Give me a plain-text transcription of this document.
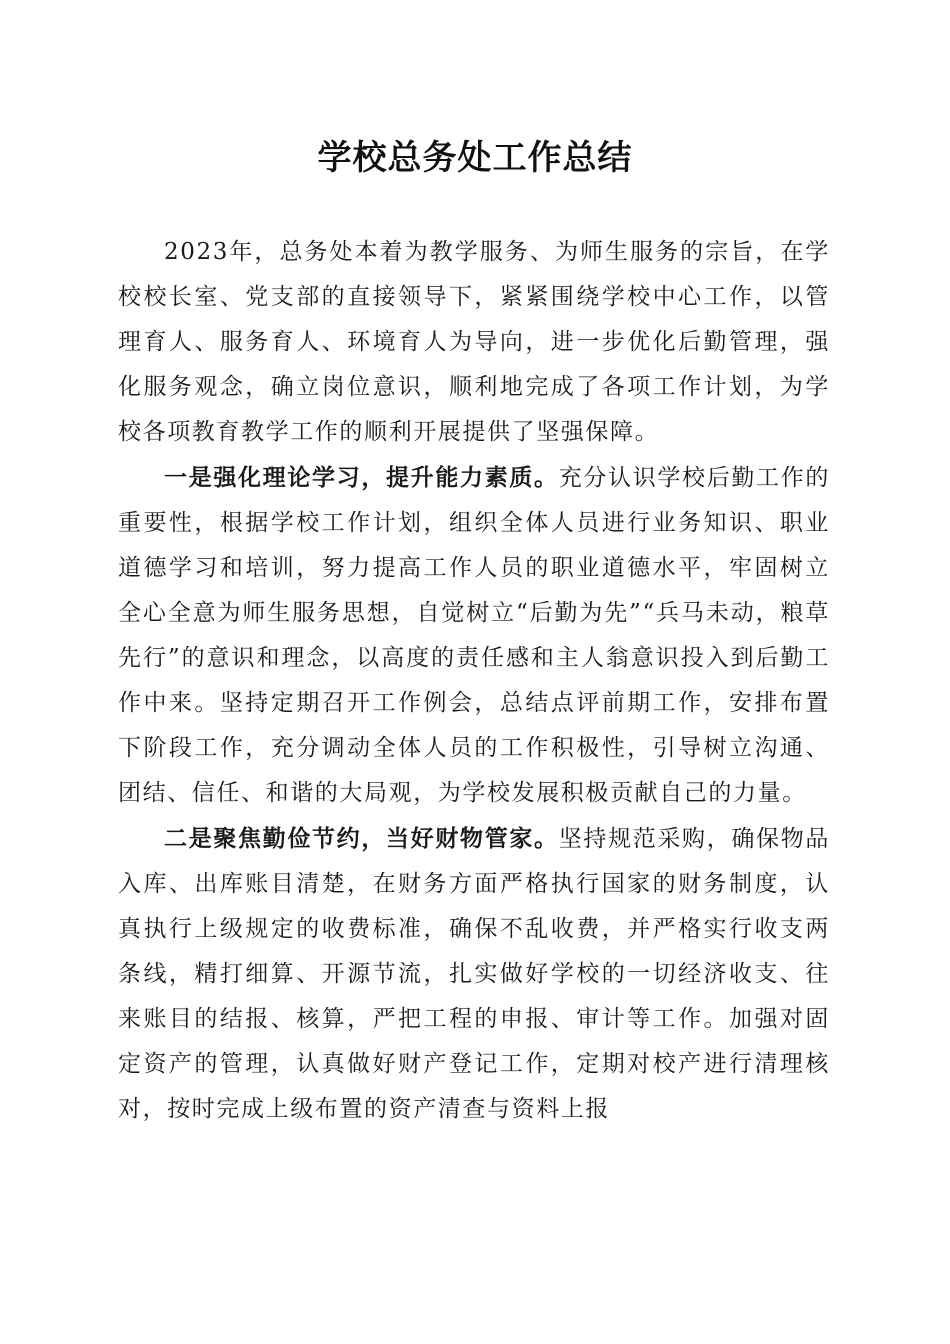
学校总务处工作总结

2023年，总务处本着为教学服务、为师生服务的宗旨，在学校校长室、党支部的直接领导下，紧紧围绕学校中心工作，以管理育人、服务育人、环境育人为导向，进一步优化后勤管理，强化服务观念，确立岗位意识，顺利地完成了各项工作计划，为学校各项教育教学工作的顺利开展提供了坚强保障。

一是强化理论学习，提升能力素质。充分认识学校后勤工作的重要性，根据学校工作计划，组织全体人员进行业务知识、职业道德学习和培训，努力提高工作人员的职业道德水平，牢固树立全心全意为师生服务思想，自觉树立“后勤为先”“兵马未动，粮草先行”的意识和理念，以高度的责任感和主人翁意识投入到后勤工作中来。坚持定期召开工作例会，总结点评前期工作，安排布置下阶段工作，充分调动全体人员的工作积极性，引导树立沟通、团结、信任、和谐的大局观，为学校发展积极贡献自己的力量。

二是聚焦勤俭节约，当好财物管家。坚持规范采购，确保物品入库、出库账目清楚，在财务方面严格执行国家的财务制度，认真执行上级规定的收费标准，确保不乱收费，并严格实行收支两条线，精打细算、开源节流，扎实做好学校的一切经济收支、往来账目的结报、核算，严把工程的申报、审计等工作。加强对固定资产的管理，认真做好财产登记工作，定期对校产进行清理核对，按时完成上级布置的资产清查与资料上报
